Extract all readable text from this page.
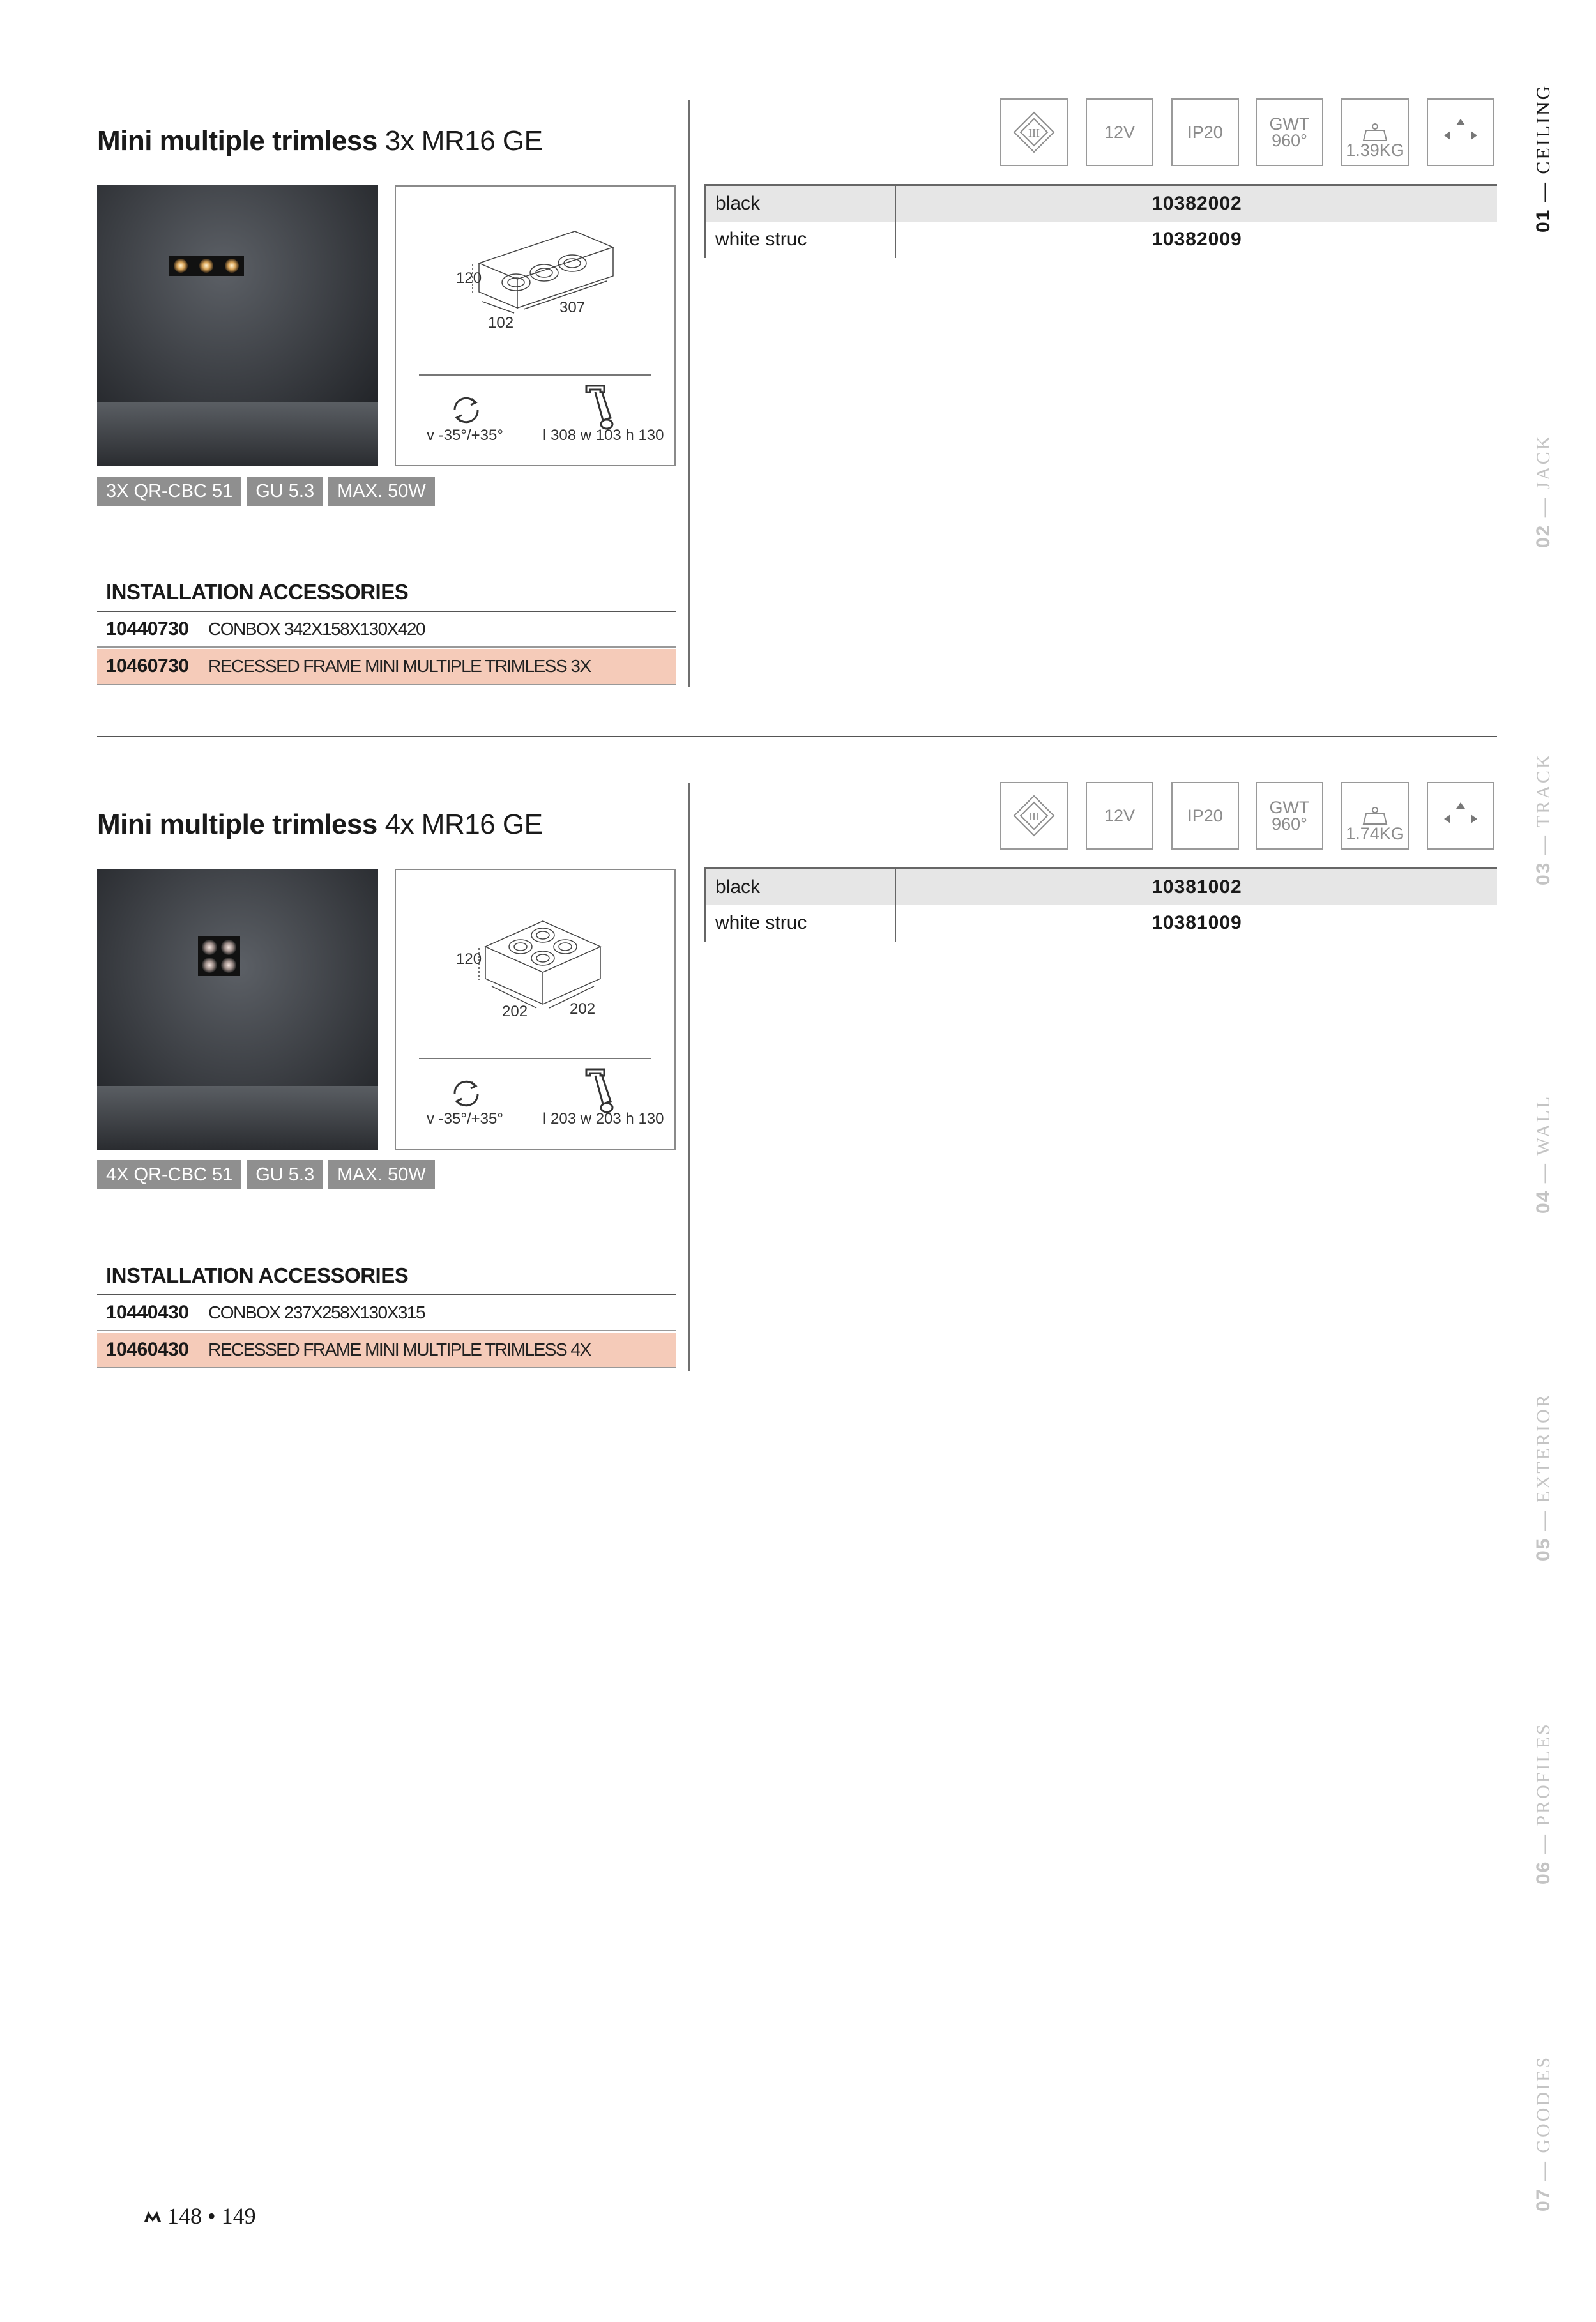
Mini multiple trimless 3x MR16 GE
120
102
307
v -35°/+35°	l 308 w 103 h 130
3X QR-CBC 51	GU 5.3	MAX. 50W
INSTALLATION ACCESSORIES
10440730	CONBOX 342X158X130X420
10460730	RECESSED FRAME MINI MULTIPLE TRIMLESS 3X
III	12V	IP20	GWT
960° 1.39KG
black	10382002
white struc	10382009
Mini multiple trimless 4x MR16 GE
120
202	202
v -35°/+35°	l 203 w 203 h 130
4X QR-CBC 51	GU 5.3	MAX. 50W
INSTALLATION ACCESSORIES
10440430	CONBOX 237X258X130X315
10460430	RECESSED FRAME MINI MULTIPLE TRIMLESS 4X
III	12V	IP20	GWT
960° 1.74KG
black	10381002
white struc	10381009
01 — CEILING
02 — JACK
03 — TRACK
04 — WALL
05 — EXTERIOR
06 — PROFILES
07 — GOODIES
148 • 149
